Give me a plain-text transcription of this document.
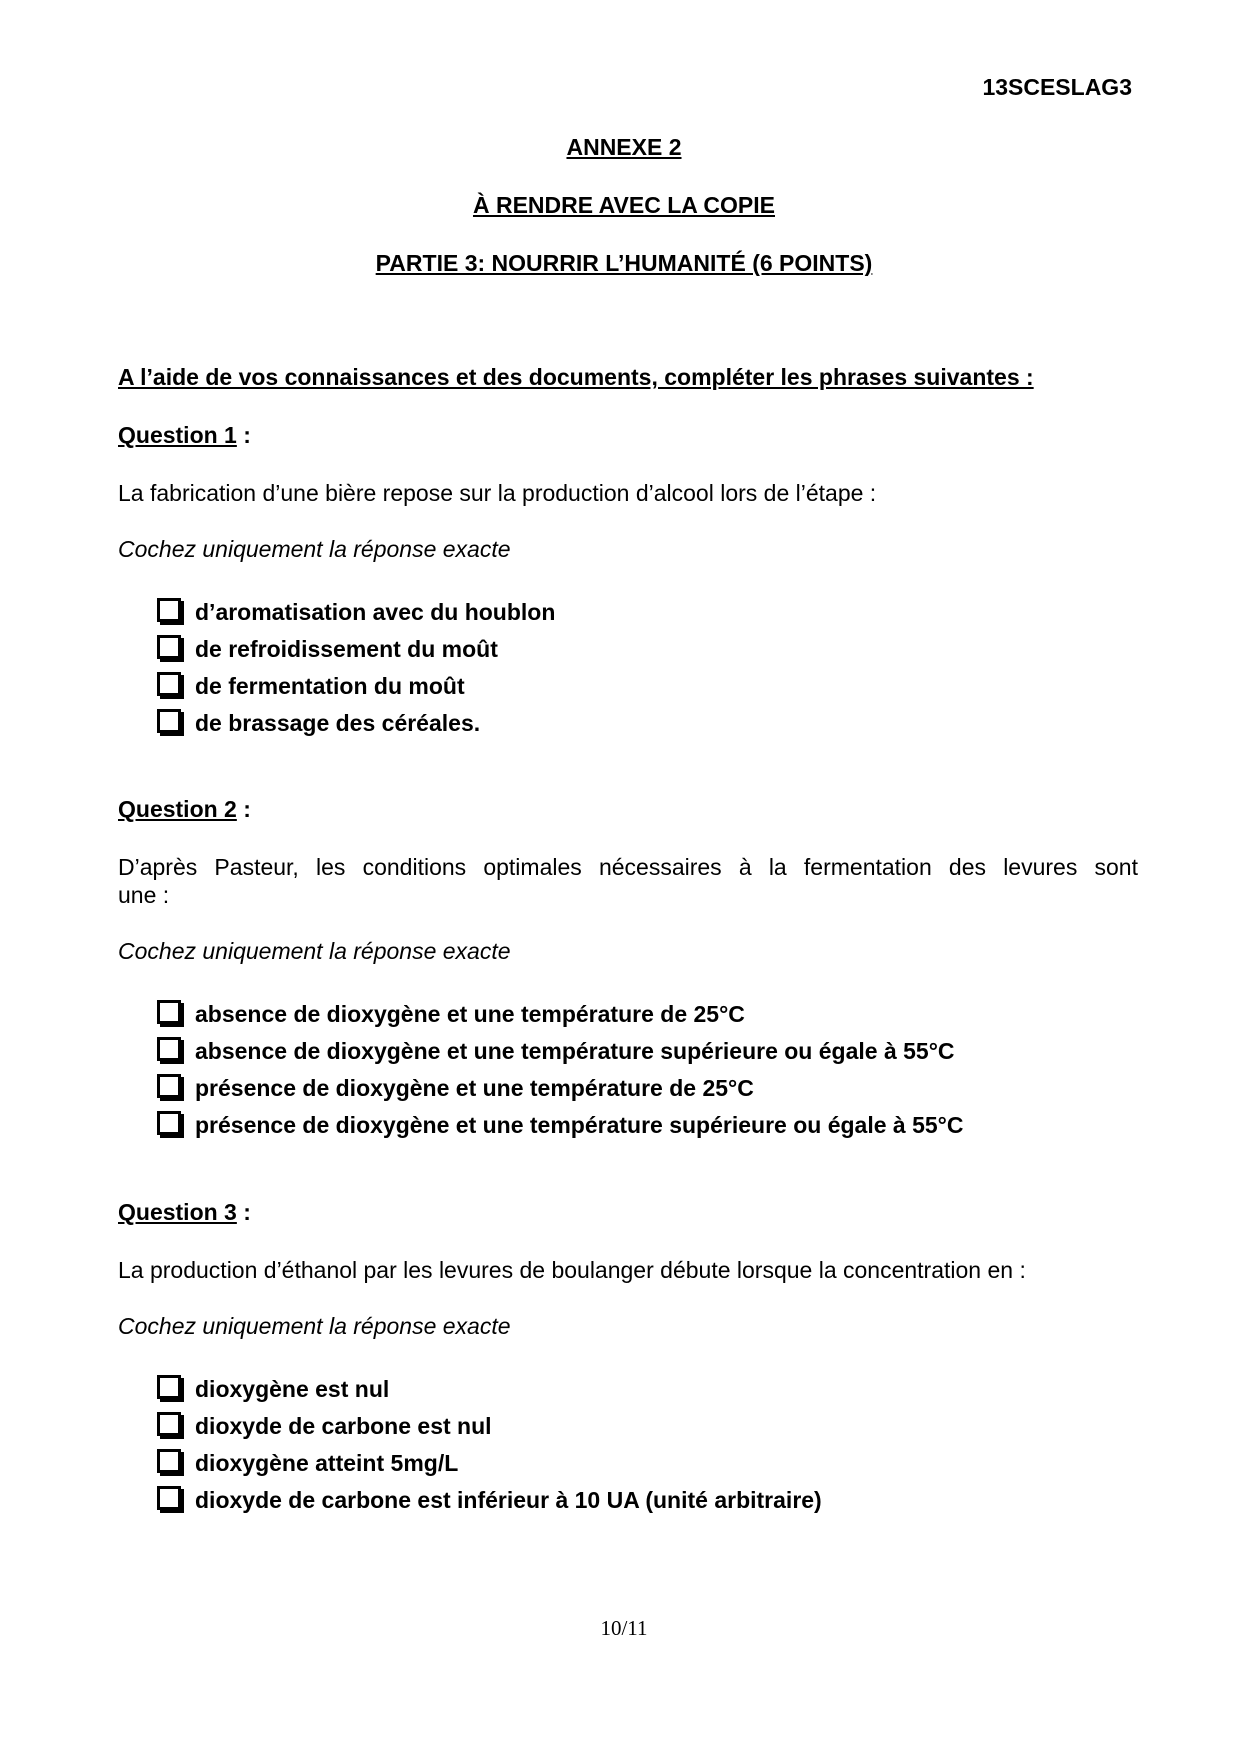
13SCESLAG3
ANNEXE 2
À RENDRE AVEC LA COPIE
PARTIE 3: NOURRIR L’HUMANITÉ (6 POINTS)
A l’aide de vos connaissances et des documents, compléter les phrases suivantes :
Question 1 :
La fabrication d’une bière repose sur la production d’alcool lors de l’étape :
Cochez uniquement la réponse exacte
d’aromatisation avec du houblon
de refroidissement du moût
de fermentation du moût
de brassage des céréales.
Question 2 :
D’après Pasteur, les conditions optimales nécessaires à la fermentation des levures sont
une :
Cochez uniquement la réponse exacte
absence de dioxygène et une température de 25°C
absence de dioxygène et une température supérieure ou égale à 55°C
présence de dioxygène et une température de 25°C
présence de dioxygène et une température supérieure ou égale à 55°C
Question 3 :
La production d’éthanol par les levures de boulanger débute lorsque la concentration en :
Cochez uniquement la réponse exacte
dioxygène est nul
dioxyde de carbone est nul
dioxygène atteint 5mg/L
dioxyde de carbone est inférieur à 10 UA (unité arbitraire)
10/11
